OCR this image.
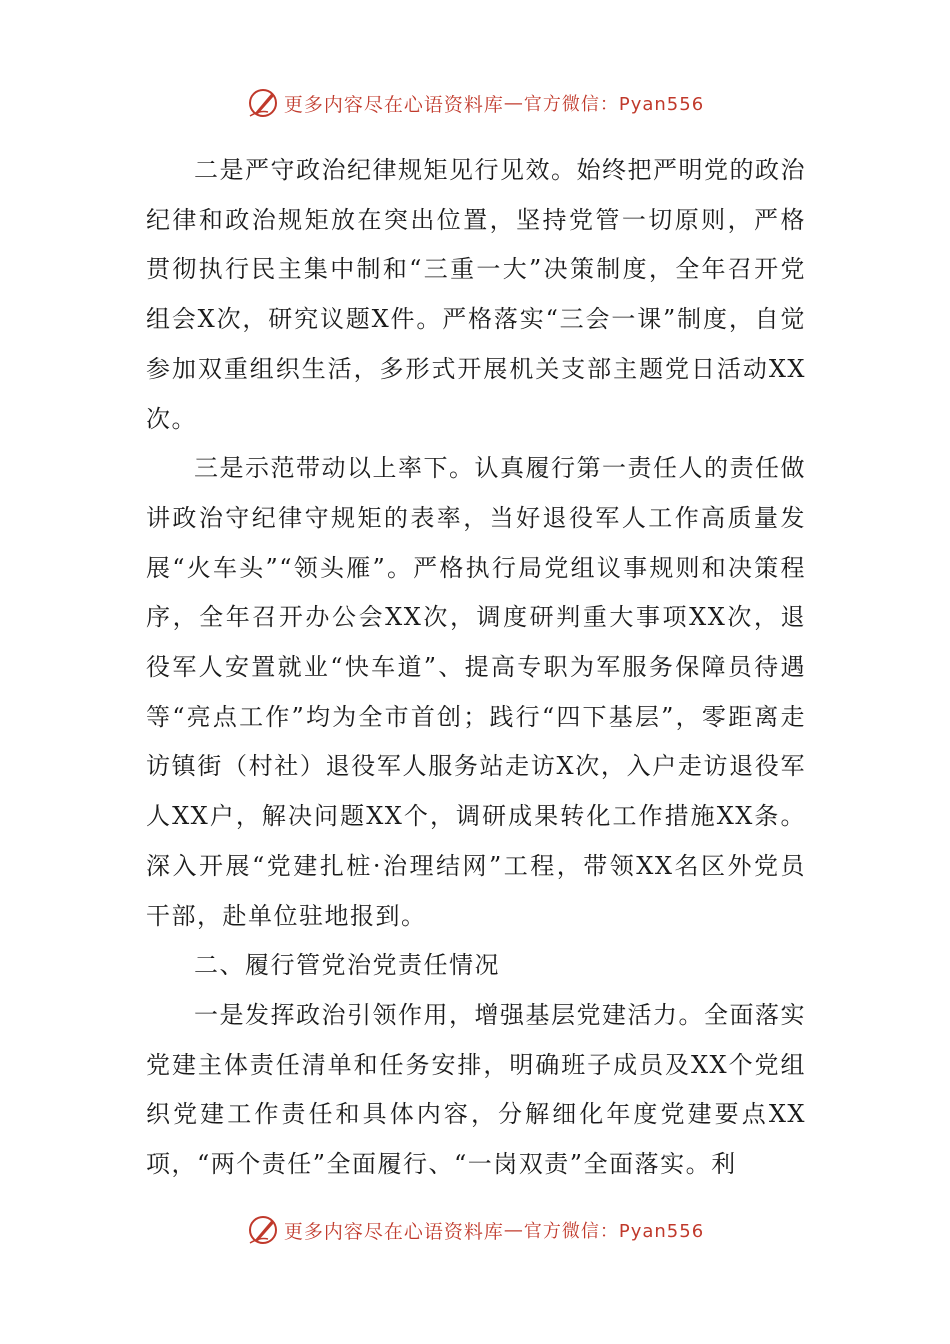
更多内容尽在心语资料库 — 官方微信：Pyan556

二是严守政治纪律规矩见行见效。始终把严明党的政治纪律和政治规矩放在突出位置，坚持党管一切原则，严格贯彻执行民主集中制和“三重一大”决策制度，全年召开党组会X次，研究议题X件。严格落实“三会一课”制度，自觉参加双重组织生活，多形式开展机关支部主题党日活动XX次。

三是示范带动以上率下。认真履行第一责任人的责任做讲政治守纪律守规矩的表率，当好退役军人工作高质量发展“火车头”“领头雁”。严格执行局党组议事规则和决策程序，全年召开办公会XX次，调度研判重大事项XX次，退役军人安置就业“快车道”、提高专职为军服务保障员待遇等“亮点工作”均为全市首创；践行“四下基层”，零距离走访镇街（村社）退役军人服务站走访X次，入户走访退役军人XX户，解决问题XX个，调研成果转化工作措施XX条。深入开展“党建扎桩·治理结网”工程，带领XX名区外党员干部，赴单位驻地报到。

二、履行管党治党责任情况

一是发挥政治引领作用，增强基层党建活力。全面落实党建主体责任清单和任务安排，明确班子成员及XX个党组织党建工作责任和具体内容，分解细化年度党建要点XX项，“两个责任”全面履行、“一岗双责”全面落实。利

更多内容尽在心语资料库 — 官方微信：Pyan556
